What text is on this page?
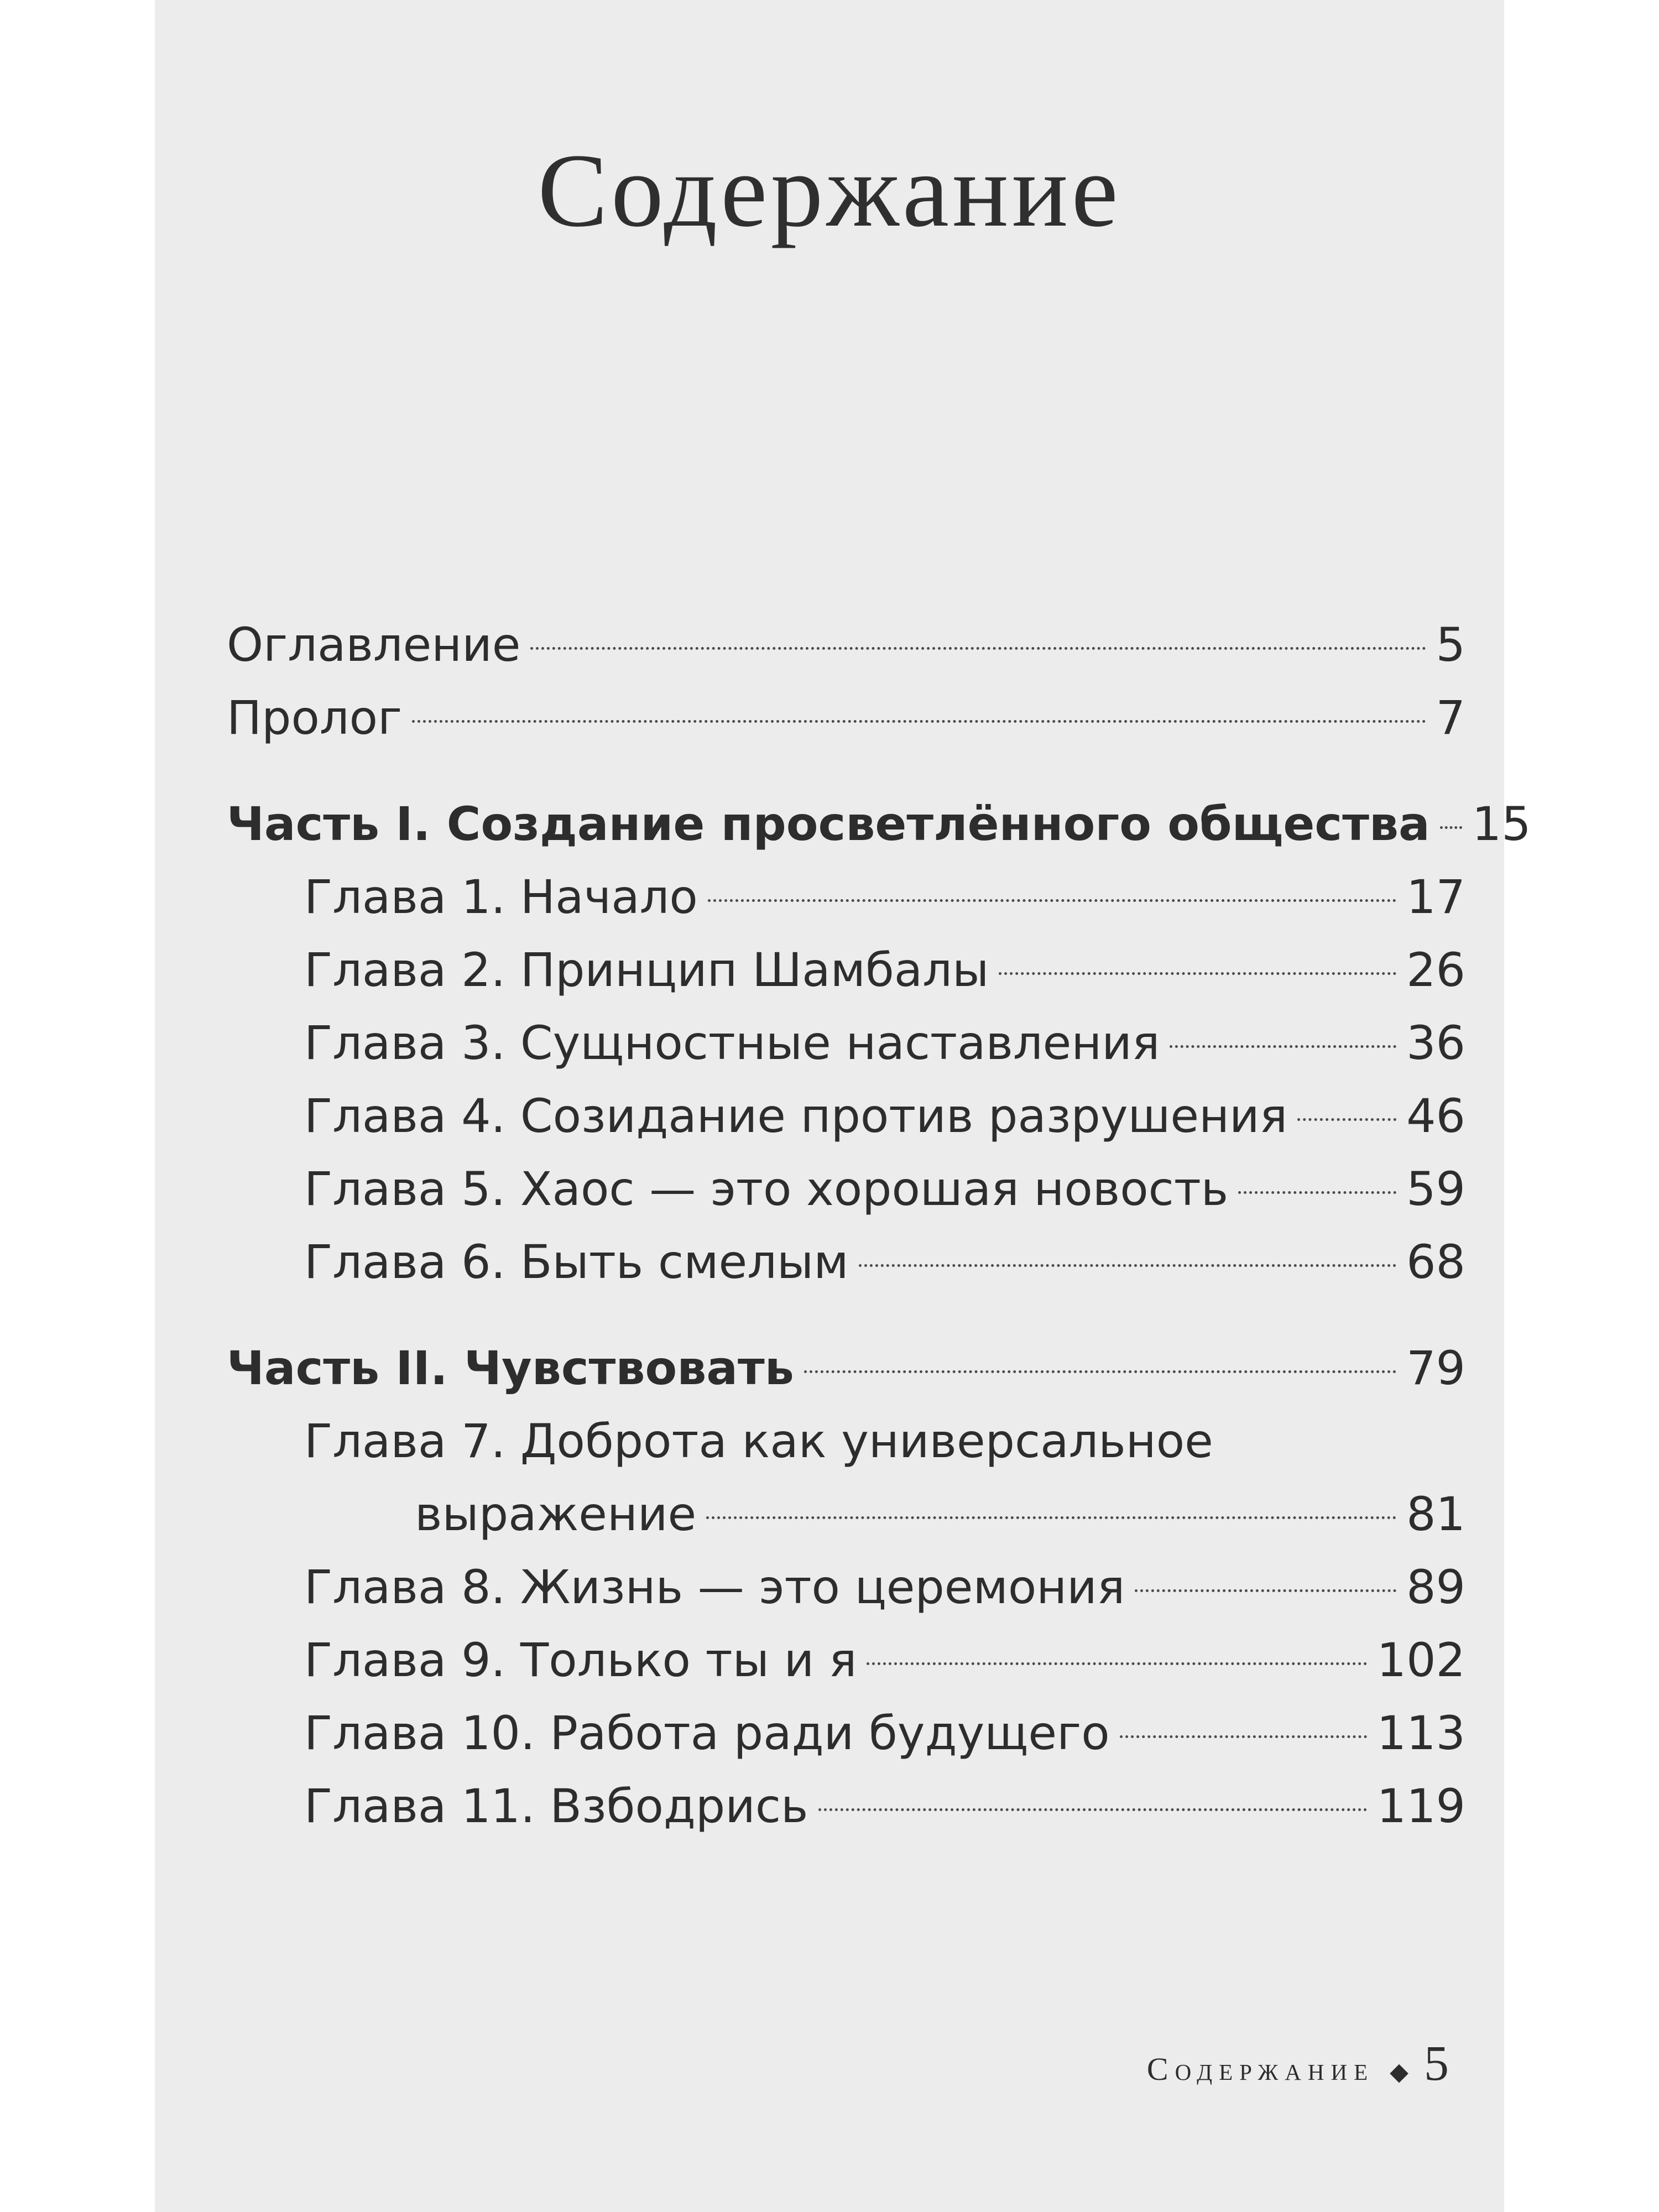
Содержание
Оглавление	5
Пролог	7
Часть I. Создание просветлённого общества 15
Глава 1. Начало	17
Глава 2. Принцип Шамбалы	26
Глава 3. Сущностные наставления	36
Глава 4. Созидание против разрушения	46
Глава 5. Хаос — это хорошая новость	59
Глава 6. Быть смелым	68
Часть II. Чувствовать	79
Глава 7. Доброта как универсальное
выражение	81
Глава 8. Жизнь — это церемония	89
Глава 9. Только ты и я	102
Глава 10. Работа ради будущего	113
Глава 11. Взбодрись	119
Содержание ◆ 5
